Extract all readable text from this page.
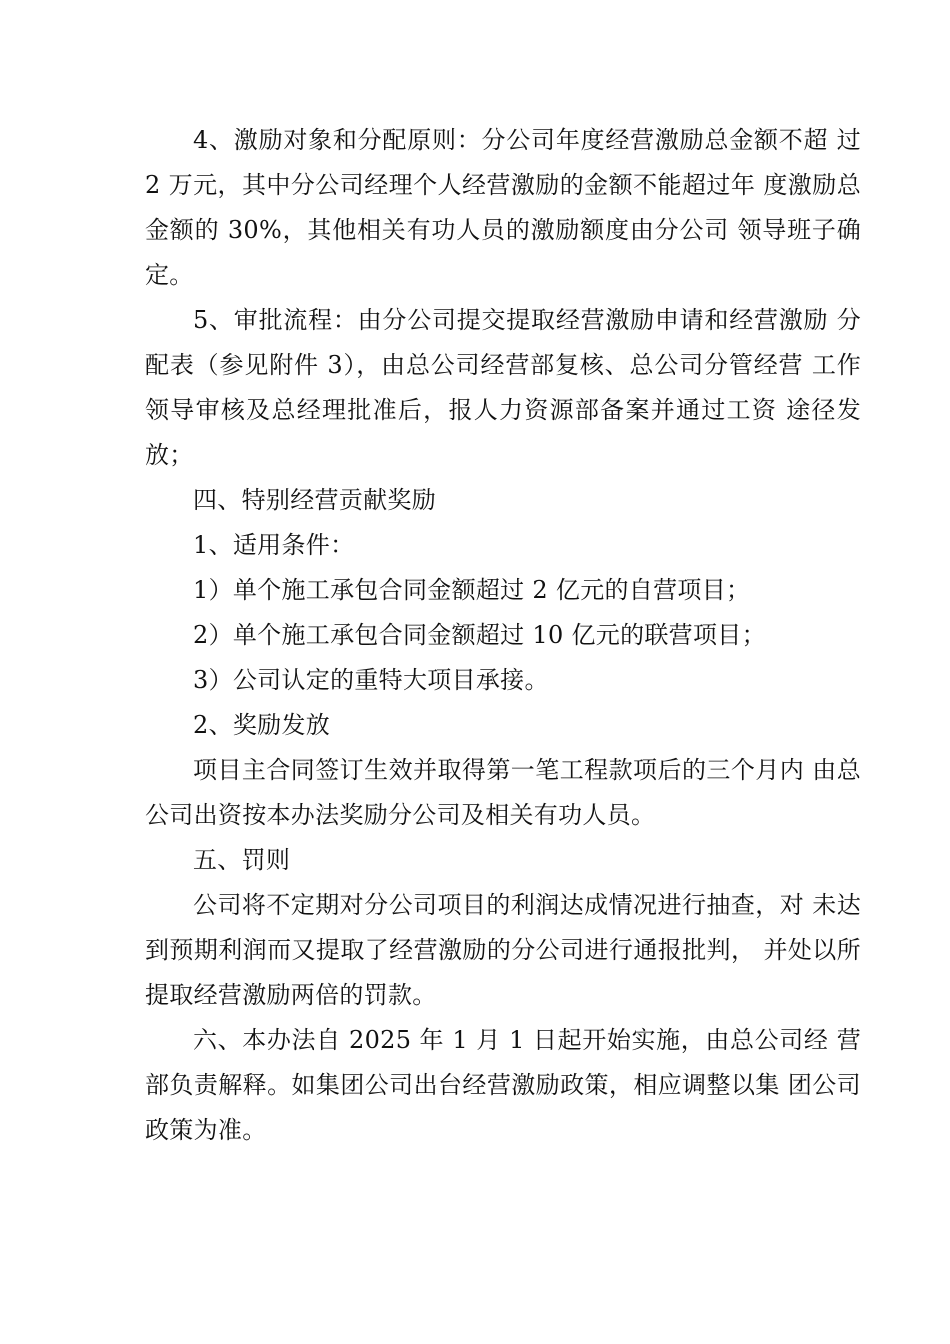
4、激励对象和分配原则：分公司年度经营激励总金额不超 过 2 万元，其中分公司经理个人经营激励的金额不能超过年 度激励总金额的 30%，其他相关有功人员的激励额度由分公司 领导班子确定。

5、审批流程：由分公司提交提取经营激励申请和经营激励 分配表（参见附件 3），由总公司经营部复核、总公司分管经营 工作领导审核及总经理批准后，报人力资源部备案并通过工资 途径发放；

四、特别经营贡献奖励

1、适用条件：

1）单个施工承包合同金额超过 2 亿元的自营项目；

2）单个施工承包合同金额超过 10 亿元的联营项目；

3）公司认定的重特大项目承接。

2、奖励发放

项目主合同签订生效并取得第一笔工程款项后的三个月内 由总公司出资按本办法奖励分公司及相关有功人员。

五、罚则

公司将不定期对分公司项目的利润达成情况进行抽查，对 未达到预期利润而又提取了经营激励的分公司进行通报批判， 并处以所提取经营激励两倍的罚款。

六、本办法自 2025 年 1 月 1 日起开始实施，由总公司经 营部负责解释。如集团公司出台经营激励政策，相应调整以集 团公司政策为准。
